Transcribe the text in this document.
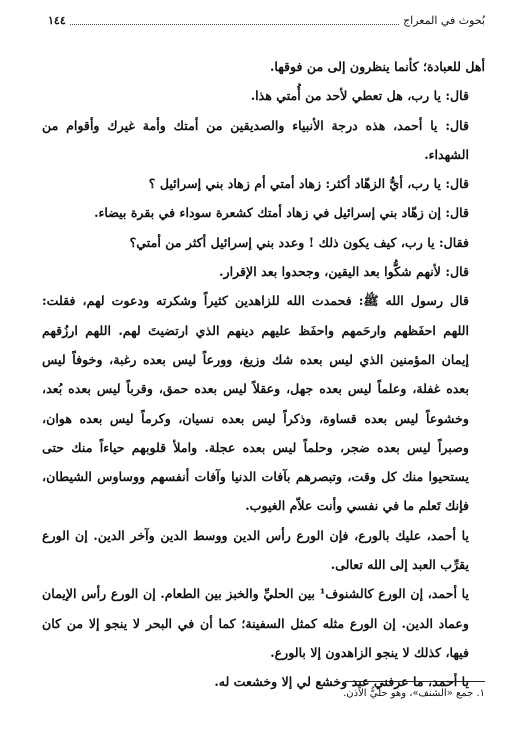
بُحوث في المعراج
١٤٤

أهل للعبادة؛ كأنما ينظرون إلى من فوقها.

قال: يا رب، هل تعطي لأحد من أُمتي هذا.

قال: يا أحمد، هذه درجة الأنبياء والصديقين من أمتك وأمة غيرك وأقوام من الشهداء.

قال: يا رب، أيُّ الزهّاد أكثر: زهاد أمتي أم زهاد بني إسرائيل ؟

قال: إن زهّاد بني إسرائيل في زهاد أمتك كشعرة سوداء في بقرة بيضاء.

فقال: يا رب، كيف يكون ذلك ! وعدد بني إسرائيل أكثر من أمتي؟

قال: لأنهم شكُّوا بعد اليقين، وجحدوا بعد الإقرار.

قال رسول الله ﷺ: فحمدت الله للزاهدين كثيراً وشكرته ودعوت لهم، فقلت: اللهم احفَظهم وارحَمهم واحفَظ عليهم دينهم الذي ارتضيتَ لهم. اللهم ارزُقهم إيمان المؤمنين الذي ليس بعده شك وزيغ، وورعاً ليس بعده رغبة، وخوفاً ليس بعده غفلة، وعلماً ليس بعده جهل، وعقلاً ليس بعده حمق، وقرباً ليس بعده بُعد، وخشوعاً ليس بعده قساوة، وذكراً ليس بعده نسيان، وكرماً ليس بعده هوان، وصبراً ليس بعده ضجر، وحلماً ليس بعده عجلة. واملأ قلوبهم حياءاً منك حتى يستحيوا منك كل وقت، وتبصرهم بآفات الدنيا وآفات أنفسهم ووساوس الشيطان، فإنك تَعلم ما في نفسي وأنت علاّم الغيوب.

يا أحمد، عليك بالورع، فإن الورع رأس الدين ووسط الدين وآخر الدين. إن الورع يقرِّب العبد إلى الله تعالى.

يا أحمد، إن الورع كالشنوف¹ بين الحليِّ والخبز بين الطعام. إن الورع رأس الإيمان وعماد الدين. إن الورع مثله كمثل السفينة؛ كما أن في البحر لا ينجو إلا من كان فيها، كذلك لا ينجو الزاهدون إلا بالورع.

يا أحمد، ما عرفني عبد وخشع لي إلا وخشعت له.

١. جمع «الشنف»، وهو حليُّ الأذن.
